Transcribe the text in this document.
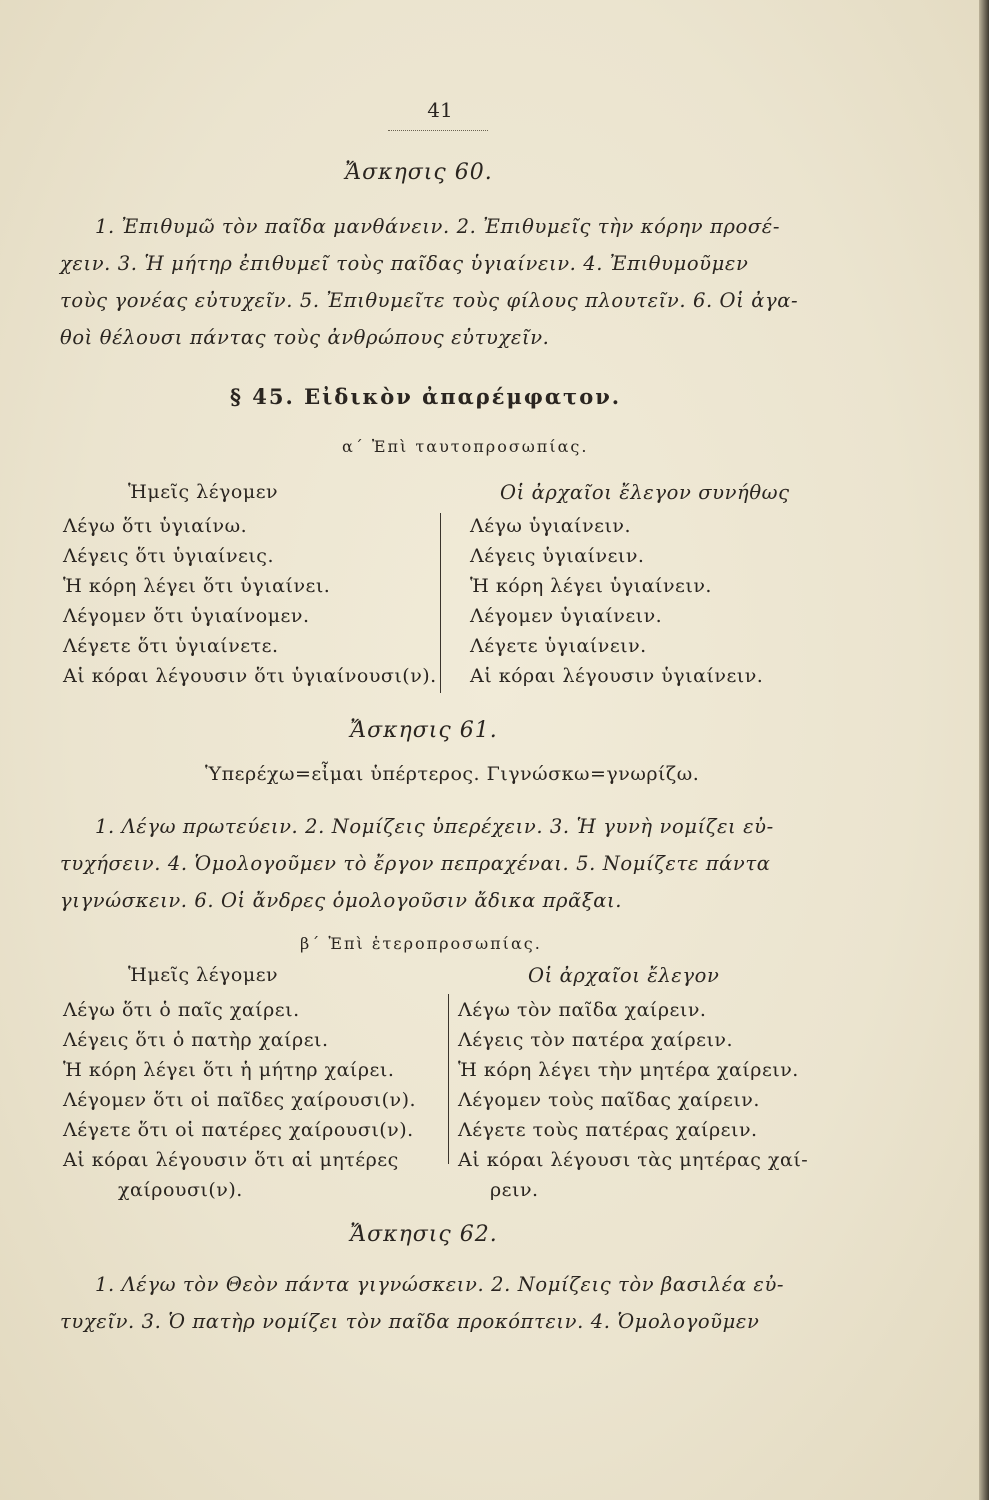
41
Ἄσκησις 60.
1. Ἐπιθυμῶ τὸν παῖδα μανθάνειν. 2. Ἐπιθυμεῖς τὴν κόρην προσέ-
χειν. 3. Ἡ μήτηρ ἐπιθυμεῖ τοὺς παῖδας ὑγιαίνειν. 4. Ἐπιθυμοῦμεν
τοὺς γονέας εὐτυχεῖν. 5. Ἐπιθυμεῖτε τοὺς φίλους πλουτεῖν. 6. Οἱ ἀγα-
θοὶ θέλουσι πάντας τοὺς ἀνθρώπους εὐτυχεῖν.
§ 45. Εἰδικὸν ἀπαρέμφατον.
α΄ Ἐπὶ ταυτοπροσωπίας.
Ἡμεῖς λέγομεν	Οἱ ἀρχαῖοι ἔλεγον συνήθως
Λέγω ὅτι ὑγιαίνω.
Λέγεις ὅτι ὑγιαίνεις.
Ἡ κόρη λέγει ὅτι ὑγιαίνει.
Λέγομεν ὅτι ὑγιαίνομεν.
Λέγετε ὅτι ὑγιαίνετε.
Αἱ κόραι λέγουσιν ὅτι ὑγιαίνουσι(ν).
Λέγω ὑγιαίνειν.
Λέγεις ὑγιαίνειν.
Ἡ κόρη λέγει ὑγιαίνειν.
Λέγομεν ὑγιαίνειν.
Λέγετε ὑγιαίνειν.
Αἱ κόραι λέγουσιν ὑγιαίνειν.
Ἄσκησις 61.
Ὑπερέχω=εἶμαι ὑπέρτερος. Γιγνώσκω=γνωρίζω.
1. Λέγω πρωτεύειν. 2. Νομίζεις ὑπερέχειν. 3. Ἡ γυνὴ νομίζει εὐ-
τυχήσειν. 4. Ὁμολογοῦμεν τὸ ἔργον πεπραχέναι. 5. Νομίζετε πάντα
γιγνώσκειν. 6. Οἱ ἄνδρες ὁμολογοῦσιν ἄδικα πρᾶξαι.
β΄ Ἐπὶ ἑτεροπροσωπίας.
Ἡμεῖς λέγομεν	Οἱ ἀρχαῖοι ἔλεγον
Λέγω ὅτι ὁ παῖς χαίρει.
Λέγεις ὅτι ὁ πατὴρ χαίρει.
Ἡ κόρη λέγει ὅτι ἡ μήτηρ χαίρει.
Λέγομεν ὅτι οἱ παῖδες χαίρουσι(ν).
Λέγετε ὅτι οἱ πατέρες χαίρουσι(ν).
Αἱ κόραι λέγουσιν ὅτι αἱ μητέρες
χαίρουσι(ν).
Λέγω τὸν παῖδα χαίρειν.
Λέγεις τὸν πατέρα χαίρειν.
Ἡ κόρη λέγει τὴν μητέρα χαίρειν.
Λέγομεν τοὺς παῖδας χαίρειν.
Λέγετε τοὺς πατέρας χαίρειν.
Αἱ κόραι λέγουσι τὰς μητέρας χαί-
ρειν.
Ἄσκησις 62.
1. Λέγω τὸν Θεὸν πάντα γιγνώσκειν. 2. Νομίζεις τὸν βασιλέα εὐ-
τυχεῖν. 3. Ὁ πατὴρ νομίζει τὸν παῖδα προκόπτειν. 4. Ὁμολογοῦμεν
